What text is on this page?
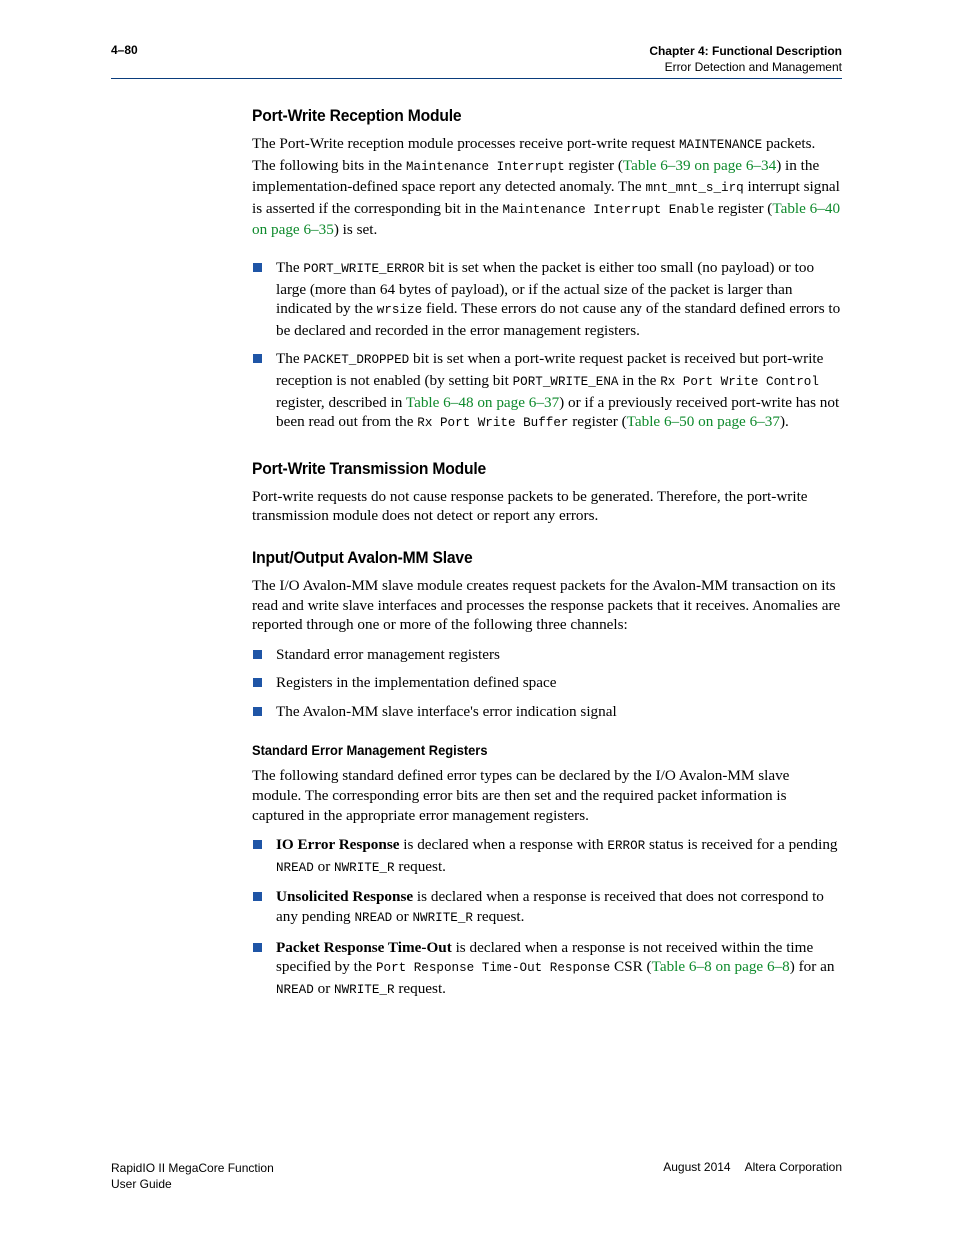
4–80	Chapter 4: Functional Description
Error Detection and Management
Port-Write Reception Module

The Port-Write reception module processes receive port-write request MAINTENANCE packets. The following bits in the Maintenance Interrupt register (Table 6–39 on page 6–34) in the implementation-defined space report any detected anomaly. The mnt_mnt_s_irq interrupt signal is asserted if the corresponding bit in the Maintenance Interrupt Enable register (Table 6–40 on page 6–35) is set.

The PORT_WRITE_ERROR bit is set when the packet is either too small (no payload) or too large (more than 64 bytes of payload), or if the actual size of the packet is larger than indicated by the wrsize field. These errors do not cause any of the standard defined errors to be declared and recorded in the error management registers.
The PACKET_DROPPED bit is set when a port-write request packet is received but port-write reception is not enabled (by setting bit PORT_WRITE_ENA in the Rx Port Write Control register, described in Table 6–48 on page 6–37) or if a previously received port-write has not been read out from the Rx Port Write Buffer register (Table 6–50 on page 6–37).
Port-Write Transmission Module

Port-write requests do not cause response packets to be generated. Therefore, the port-write transmission module does not detect or report any errors.

Input/Output Avalon-MM Slave

The I/O Avalon-MM slave module creates request packets for the Avalon-MM transaction on its read and write slave interfaces and processes the response packets that it receives. Anomalies are reported through one or more of the following three channels:

Standard error management registers
Registers in the implementation defined space
The Avalon-MM slave interface's error indication signal
Standard Error Management Registers

The following standard defined error types can be declared by the I/O Avalon-MM slave module. The corresponding error bits are then set and the required packet information is captured in the appropriate error management registers.

IO Error Response is declared when a response with ERROR status is received for a pending NREAD or NWRITE_R request.
Unsolicited Response is declared when a response is received that does not correspond to any pending NREAD or NWRITE_R request.
Packet Response Time-Out is declared when a response is not received within the time specified by the Port Response Time-Out Response CSR (Table 6–8 on page 6–8) for an NREAD or NWRITE_R request.
RapidIO II MegaCore Function
User Guide
August 2014 Altera Corporation
